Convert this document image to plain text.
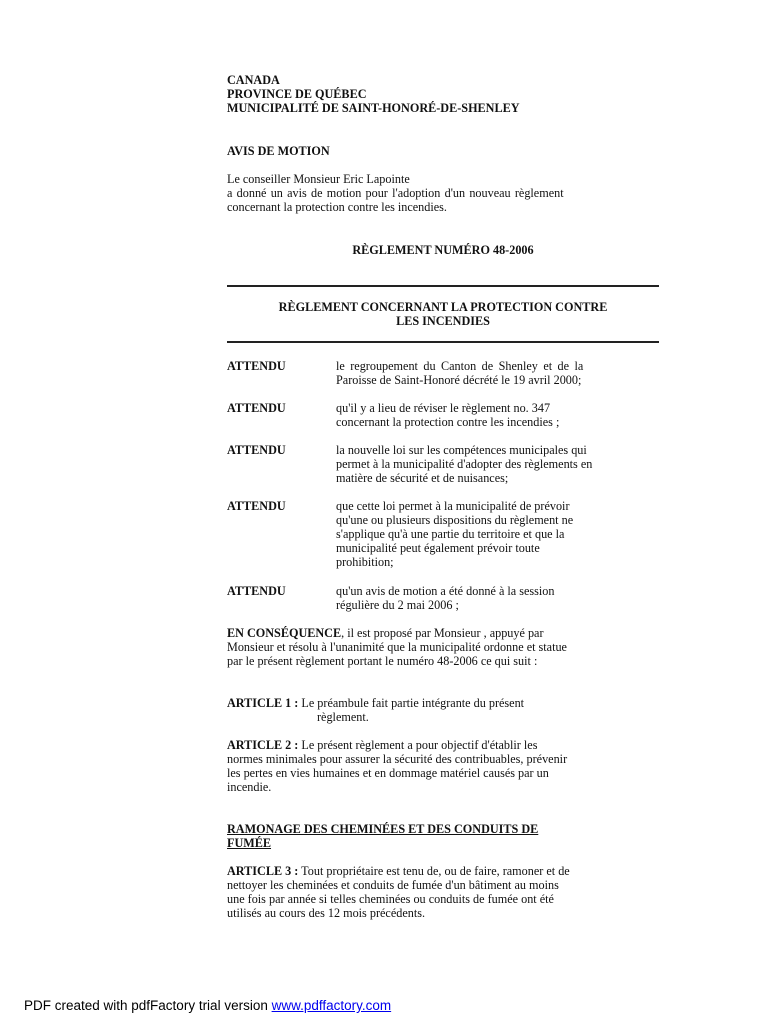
CANADA
PROVINCE DE QUÉBEC
MUNICIPALITÉ DE SAINT-HONORÉ-DE-SHENLEY
AVIS DE MOTION
Le conseiller Monsieur Eric Lapointe
a donné un avis de motion pour l'adoption d'un nouveau règlement
concernant la protection contre les incendies.
RÈGLEMENT NUMÉRO 48-2006
RÈGLEMENT CONCERNANT LA PROTECTION CONTRE
LES INCENDIES
ATTENDU	le regroupement du Canton de Shenley et de la
Paroisse de Saint-Honoré décrété le 19 avril 2000;
ATTENDU	qu'il y a lieu de réviser le règlement no. 347
concernant la protection contre les incendies ;
ATTENDU	la nouvelle loi sur les compétences municipales qui
permet à la municipalité d'adopter des règlements en
matière de sécurité et de nuisances;
ATTENDU	que cette loi permet à la municipalité de prévoir
qu'une ou plusieurs dispositions du règlement ne
s'applique qu'à une partie du territoire et que la
municipalité peut également prévoir toute
prohibition;
ATTENDU	qu'un avis de motion a été donné à la session
régulière du 2 mai 2006 ;
EN CONSÉQUENCE, il est proposé par Monsieur , appuyé par
Monsieur et résolu à l'unanimité que la municipalité ordonne et statue
par le présent règlement portant le numéro 48-2006 ce qui suit :
ARTICLE 1 : Le préambule fait partie intégrante du présent
règlement.
ARTICLE 2 : Le présent règlement a pour objectif d'établir les
normes minimales pour assurer la sécurité des contribuables, prévenir
les pertes en vies humaines et en dommage matériel causés par un
incendie.
RAMONAGE DES CHEMINÉES ET DES CONDUITS DE
FUMÉE
ARTICLE 3 : Tout propriétaire est tenu de, ou de faire, ramoner et de
nettoyer les cheminées et conduits de fumée d'un bâtiment au moins
une fois par année si telles cheminées ou conduits de fumée ont été
utilisés au cours des 12 mois précédents.
PDF created with pdfFactory trial version www.pdffactory.com
